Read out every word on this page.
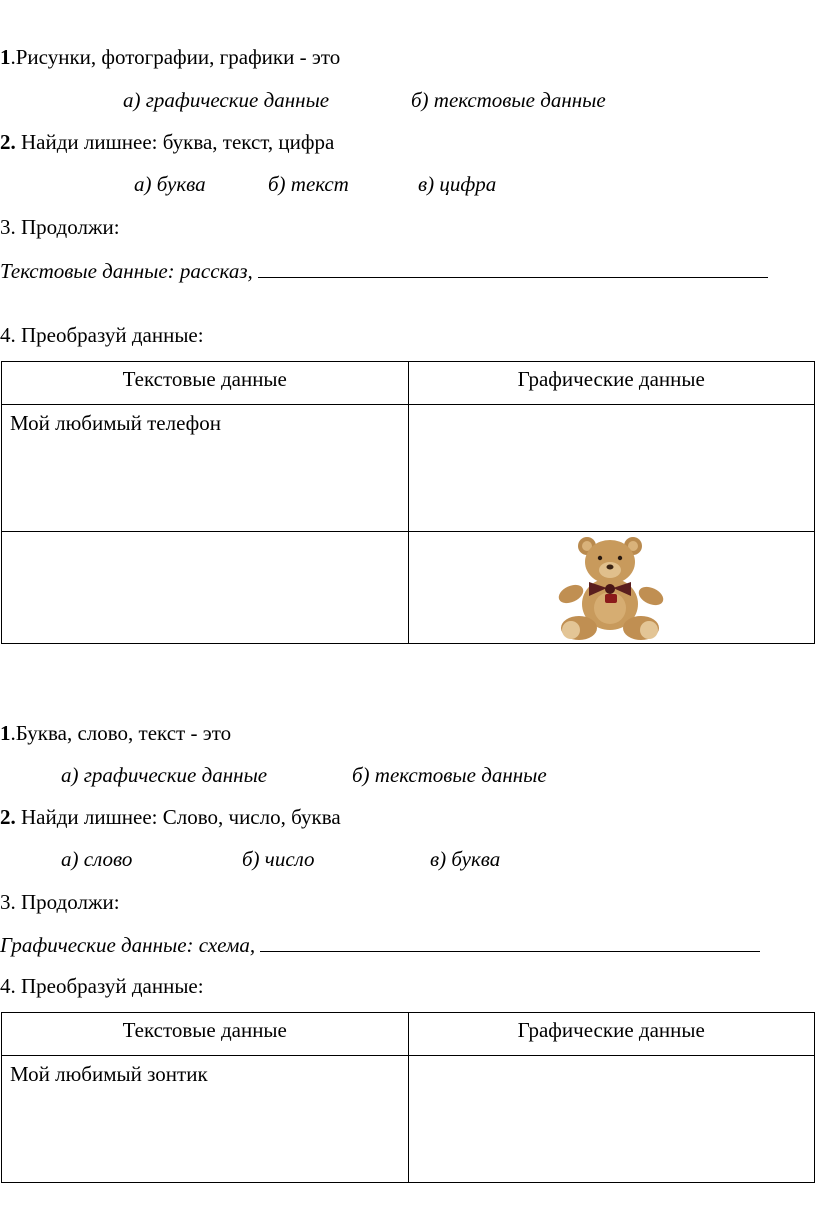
1.Рисунки, фотографии, графики - это
а) графические данные	б) текстовые данные
2. Найди лишнее: буква, текст, цифра
а) буква	б) текст	в) цифра
3. Продолжи:
Текстовые данные: рассказ,
4. Преобразуй данные:
Текстовые данные	Графические данные
Мой любимый телефон	

1.Буква, слово, текст - это
а) графические данные	б) текстовые данные
2. Найди лишнее: Слово, число, буква
а) слово	б) число	в) буква
3. Продолжи:
Графические данные: схема,
4. Преобразуй данные:
Текстовые данные	Графические данные
Мой любимый зонтик	
